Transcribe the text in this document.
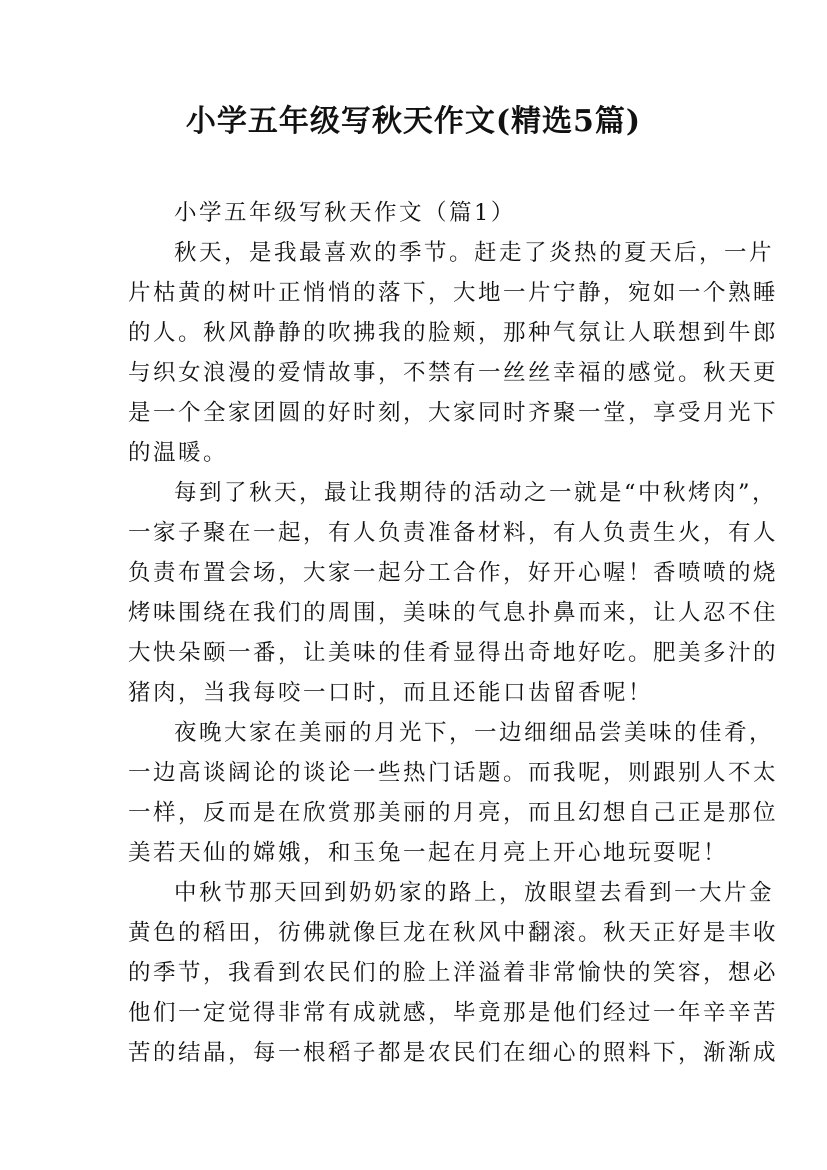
小学五年级写秋天作文(精选5篇)
小学五年级写秋天作文（篇1）
秋天，是我最喜欢的季节。赶走了炎热的夏天后，一片
片枯黄的树叶正悄悄的落下，大地一片宁静，宛如一个熟睡
的人。秋风静静的吹拂我的脸颊，那种气氛让人联想到牛郎
与织女浪漫的爱情故事，不禁有一丝丝幸福的感觉。秋天更
是一个全家团圆的好时刻，大家同时齐聚一堂，享受月光下
的温暖。
每到了秋天，最让我期待的活动之一就是“中秋烤肉”，
一家子聚在一起，有人负责准备材料，有人负责生火，有人
负责布置会场，大家一起分工合作，好开心喔！香喷喷的烧
烤味围绕在我们的周围，美味的气息扑鼻而来，让人忍不住
大快朵颐一番，让美味的佳肴显得出奇地好吃。肥美多汁的
猪肉，当我每咬一口时，而且还能口齿留香呢！
夜晚大家在美丽的月光下，一边细细品尝美味的佳肴，
一边高谈阔论的谈论一些热门话题。而我呢，则跟别人不太
一样，反而是在欣赏那美丽的月亮，而且幻想自己正是那位
美若天仙的嫦娥，和玉兔一起在月亮上开心地玩耍呢！
中秋节那天回到奶奶家的路上，放眼望去看到一大片金
黄色的稻田，彷佛就像巨龙在秋风中翻滚。秋天正好是丰收
的季节，我看到农民们的脸上洋溢着非常愉快的笑容，想必
他们一定觉得非常有成就感，毕竟那是他们经过一年辛辛苦
苦的结晶，每一根稻子都是农民们在细心的照料下，渐渐成
